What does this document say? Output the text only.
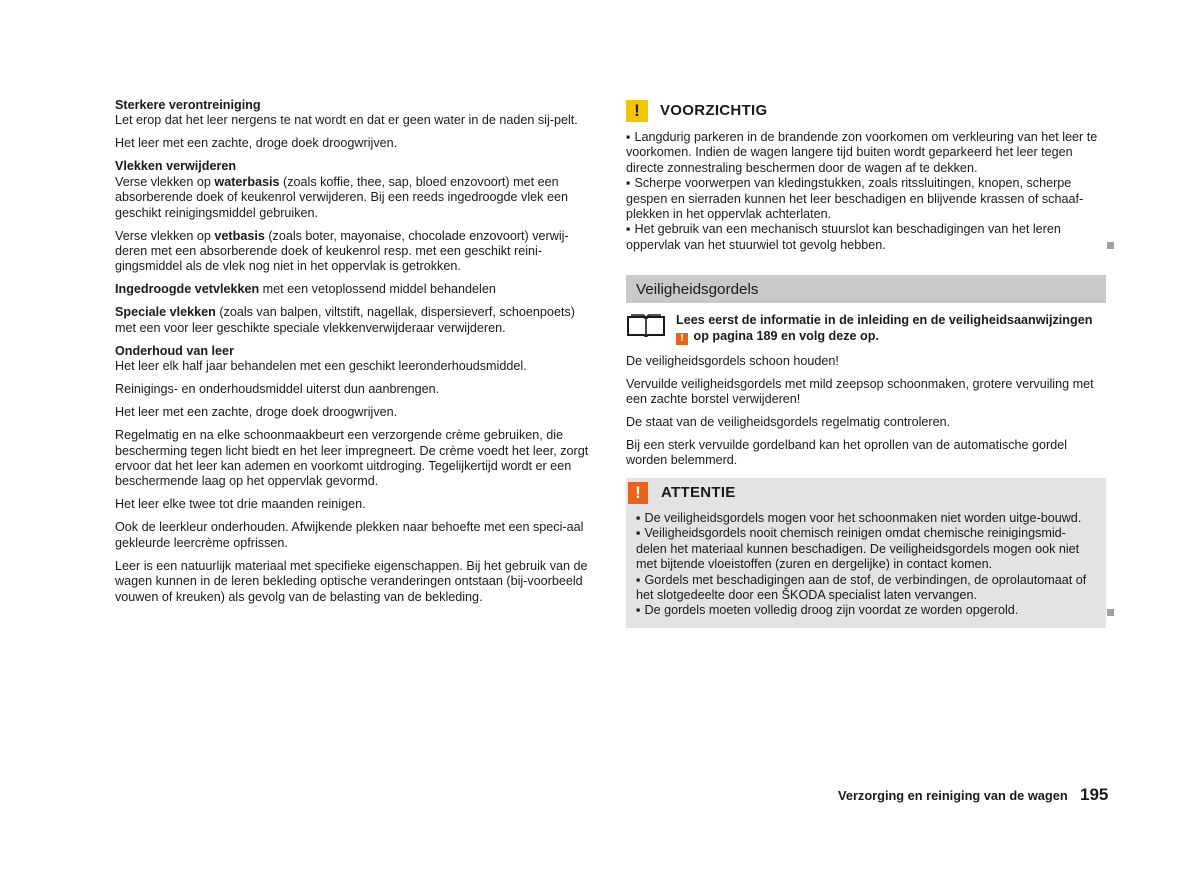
Sterkere verontreiniging
Let erop dat het leer nergens te nat wordt en dat er geen water in de naden sij-pelt.

Het leer met een zachte, droge doek droogwrijven.

Vlekken verwijderen
Verse vlekken op waterbasis (zoals koffie, thee, sap, bloed enzovoort) met een absorberende doek of keukenrol verwijderen. Bij een reeds ingedroogde vlek een geschikt reinigingsmiddel gebruiken.

Verse vlekken op vetbasis (zoals boter, mayonaise, chocolade enzovoort) verwij-deren met een absorberende doek of keukenrol resp. met een geschikt reini-gingsmiddel als de vlek nog niet in het oppervlak is getrokken.

Ingedroogde vetvlekken met een vetoplossend middel behandelen

Speciale vlekken (zoals van balpen, viltstift, nagellak, dispersieverf, schoenpoets) met een voor leer geschikte speciale vlekkenverwijderaar verwijderen.

Onderhoud van leer
Het leer elk half jaar behandelen met een geschikt leeronderhoudsmiddel.

Reinigings- en onderhoudsmiddel uiterst dun aanbrengen.

Het leer met een zachte, droge doek droogwrijven.

Regelmatig en na elke schoonmaakbeurt een verzorgende crème gebruiken, die bescherming tegen licht biedt en het leer impregneert. De crème voedt het leer, zorgt ervoor dat het leer kan ademen en voorkomt uitdroging. Tegelijkertijd wordt er een beschermende laag op het oppervlak gevormd.

Het leer elke twee tot drie maanden reinigen.

Ook de leerkleur onderhouden. Afwijkende plekken naar behoefte met een speci-aal gekleurde leercrème opfrissen.

Leer is een natuurlijk materiaal met specifieke eigenschappen. Bij het gebruik van de wagen kunnen in de leren bekleding optische veranderingen ontstaan (bij-voorbeeld vouwen of kreuken) als gevolg van de belasting van de bekleding.

!	VOORZICHTIG
▪ Langdurig parkeren in de brandende zon voorkomen om verkleuring van het leer te voorkomen. Indien de wagen langere tijd buiten wordt geparkeerd het leer tegen directe zonnestraling beschermen door de wagen af te dekken.
▪ Scherpe voorwerpen van kledingstukken, zoals ritssluitingen, knopen, scherpe gespen en sierraden kunnen het leer beschadigen en blijvende krassen of schaaf-plekken in het oppervlak achterlaten.
▪ Het gebruik van een mechanisch stuurslot kan beschadigingen van het leren oppervlak van het stuurwiel tot gevolg hebben.
Veiligheidsgordels
Lees eerst de informatie in de inleiding en de veiligheidsaanwijzingen
! op pagina 189 en volg deze op.

De veiligheidsgordels schoon houden!

Vervuilde veiligheidsgordels met mild zeepsop schoonmaken, grotere vervuiling met een zachte borstel verwijderen!

De staat van de veiligheidsgordels regelmatig controleren.

Bij een sterk vervuilde gordelband kan het oprollen van de automatische gordel worden belemmerd.

!	ATTENTIE
▪ De veiligheidsgordels mogen voor het schoonmaken niet worden uitge-bouwd.
▪ Veiligheidsgordels nooit chemisch reinigen omdat chemische reinigingsmid-delen het materiaal kunnen beschadigen. De veiligheidsgordels mogen ook niet met bijtende vloeistoffen (zuren en dergelijke) in contact komen.
▪ Gordels met beschadigingen aan de stof, de verbindingen, de oprolautomaat of het slotgedeelte door een ŠKODA specialist laten vervangen.
▪ De gordels moeten volledig droog zijn voordat ze worden opgerold.
Verzorging en reiniging van de wagen 195
